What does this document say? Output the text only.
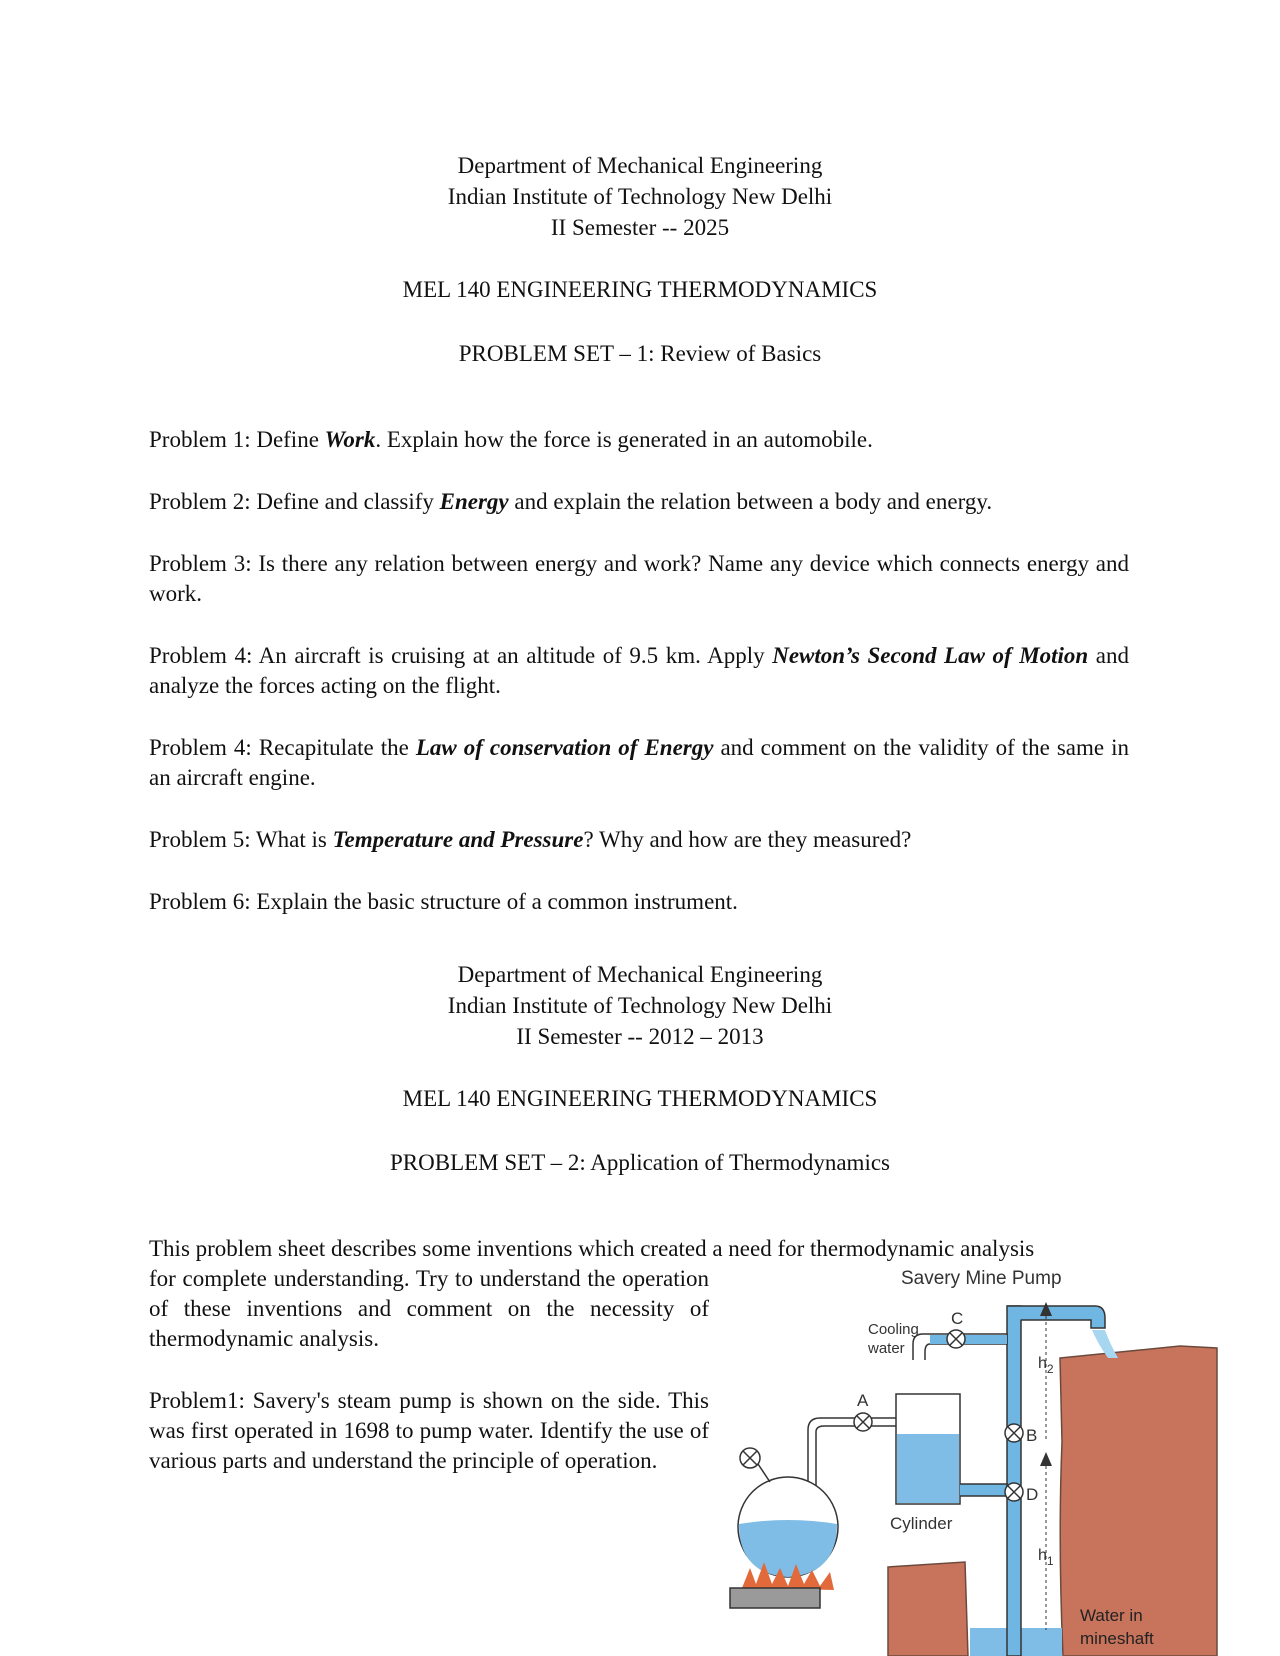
Department of Mechanical Engineering
Indian Institute of Technology New Delhi
II Semester -- 2025
MEL 140 ENGINEERING THERMODYNAMICS
PROBLEM SET – 1: Review of Basics
Problem 1: Define Work. Explain how the force is generated in an automobile.
Problem 2: Define and classify Energy and explain the relation between a body and energy.
Problem 3: Is there any relation between energy and work? Name any device which connects energy and work.
Problem 4: An aircraft is cruising at an altitude of 9.5 km. Apply Newton’s Second Law of Motion and analyze the forces acting on the flight.
Problem 4: Recapitulate the Law of conservation of Energy and comment on the validity of the same in an aircraft engine.
Problem 5: What is Temperature and Pressure? Why and how are they measured?
Problem 6: Explain the basic structure of a common instrument.
Department of Mechanical Engineering
Indian Institute of Technology New Delhi
II Semester -- 2012 – 2013
MEL 140 ENGINEERING THERMODYNAMICS
PROBLEM SET – 2: Application of Thermodynamics
This problem sheet describes some inventions which created a need for thermodynamic analysis
for complete understanding. Try to understand the operation of these inventions and comment on the necessity of thermodynamic analysis.
Problem1: Savery's steam pump is shown on the side. This was first operated in 1698 to pump water. Identify the use of various parts and understand the principle of operation.
Savery Mine Pump
C
Cooling
water
Cylinder
A
B
D
$h_2$
$h_1$
Water in
mineshaft
